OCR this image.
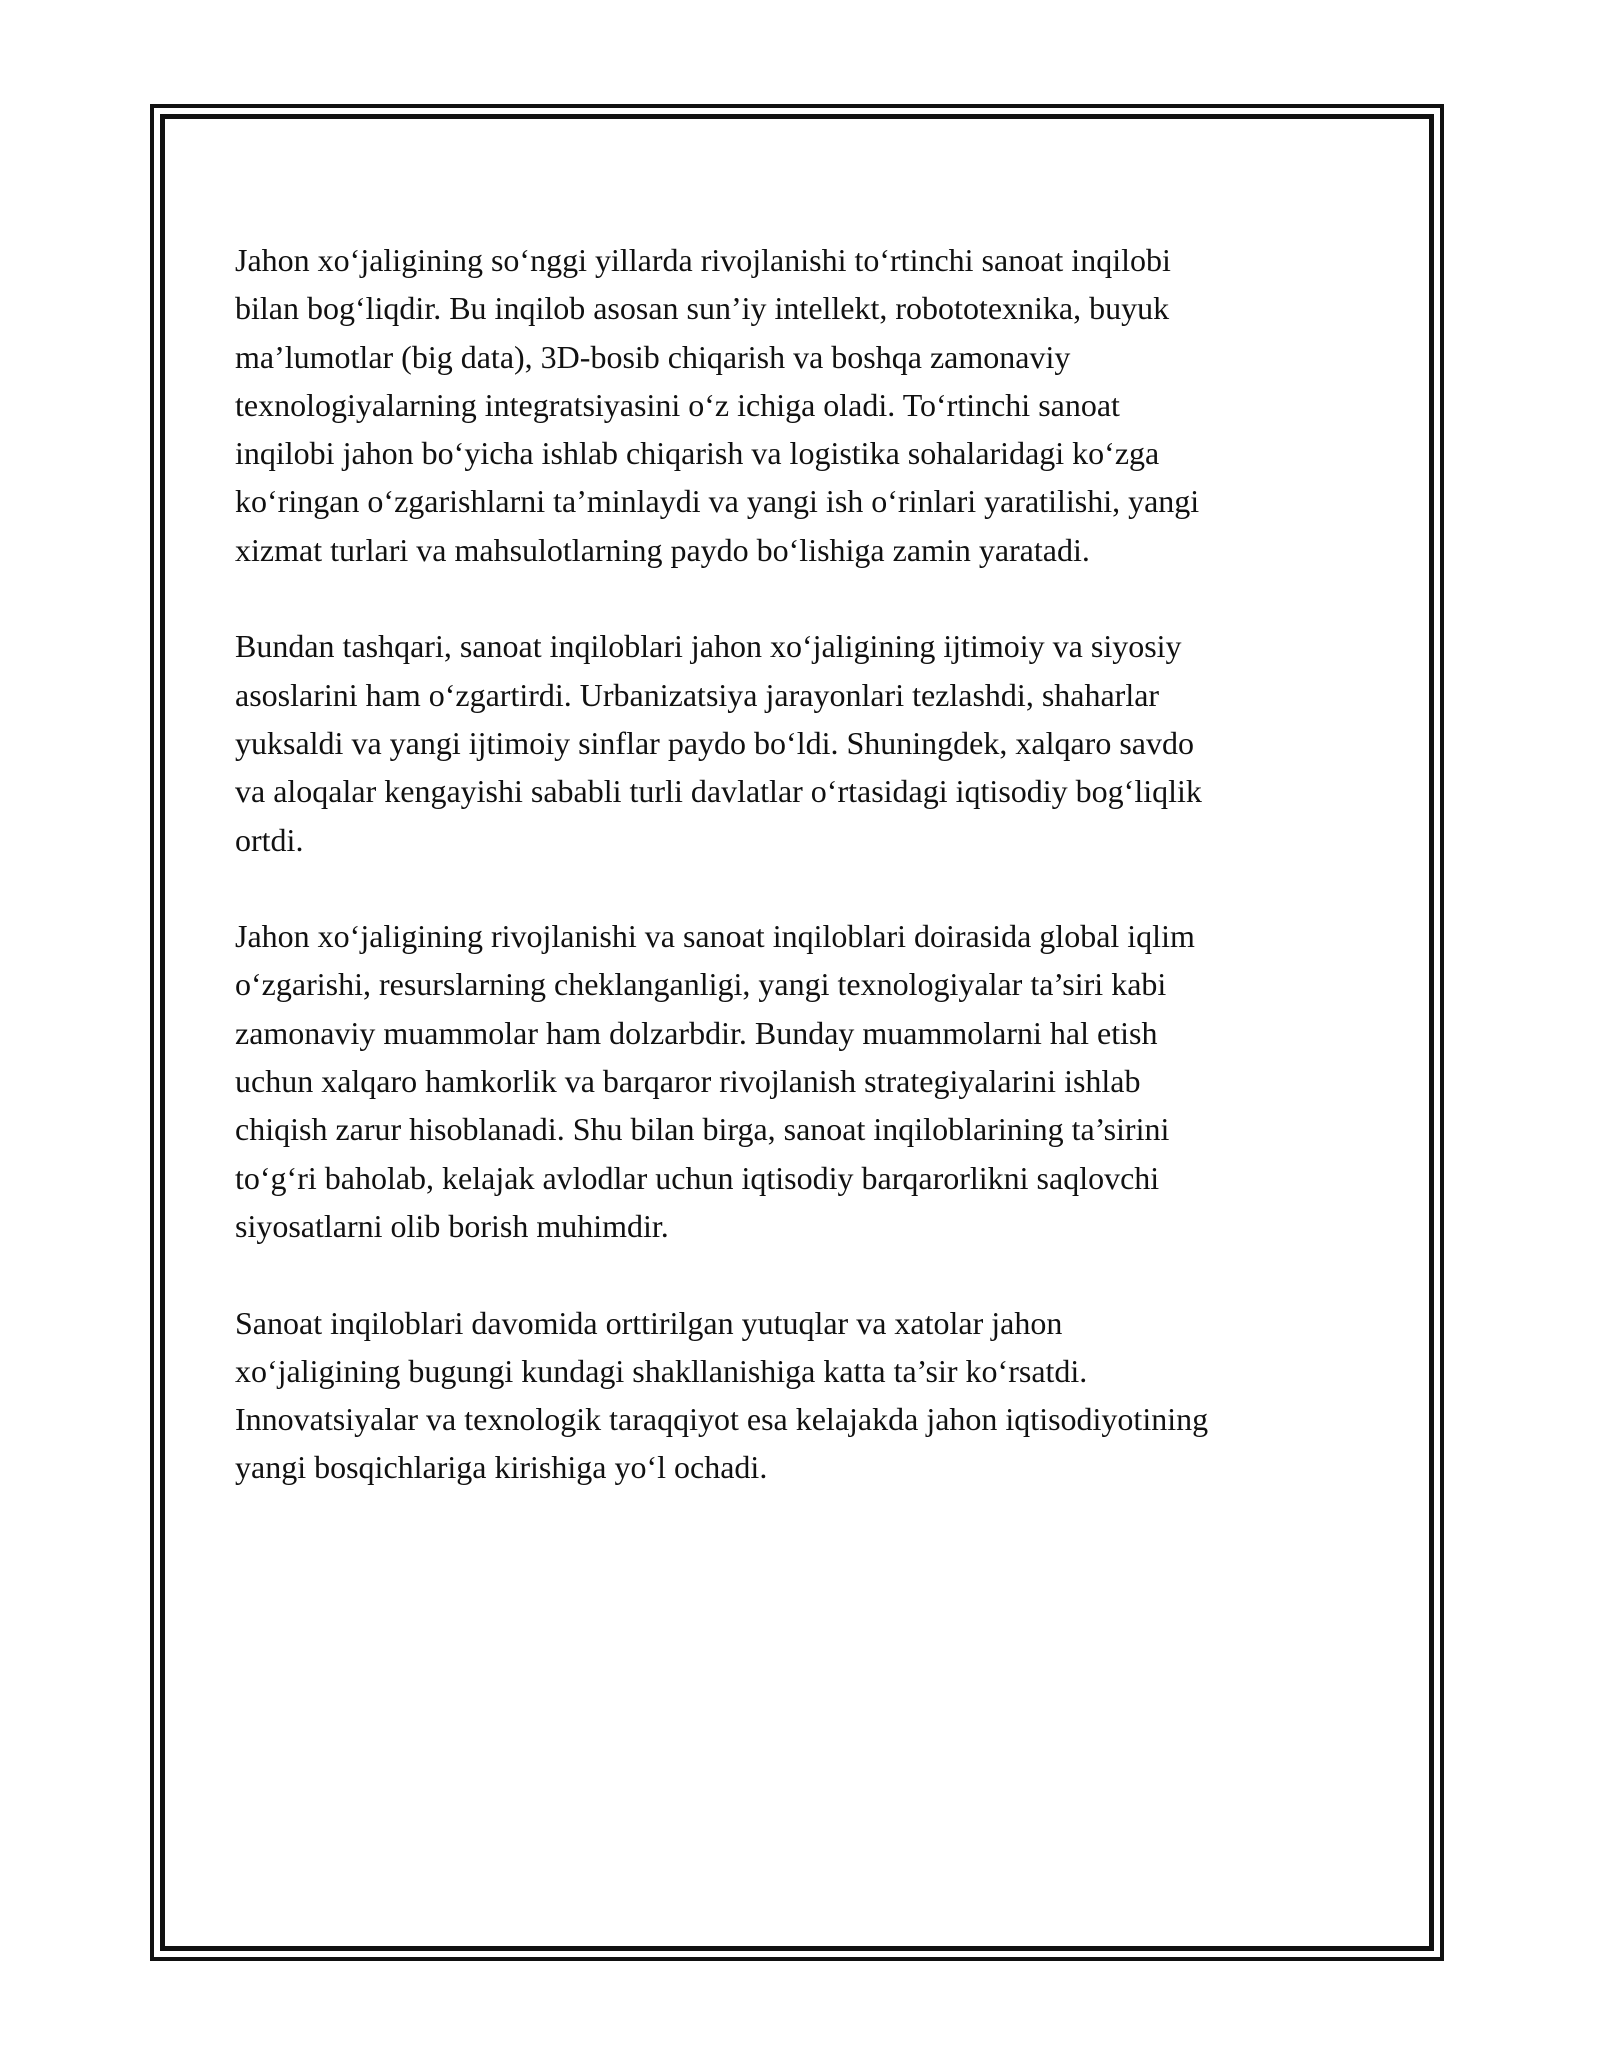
Jahon xo‘jaligining so‘nggi yillarda rivojlanishi to‘rtinchi sanoat inqilobi
bilan bog‘liqdir. Bu inqilob asosan sun’iy intellekt, robototexnika, buyuk
ma’lumotlar (big data), 3D-bosib chiqarish va boshqa zamonaviy
texnologiyalarning integratsiyasini o‘z ichiga oladi. To‘rtinchi sanoat
inqilobi jahon bo‘yicha ishlab chiqarish va logistika sohalaridagi ko‘zga
ko‘ringan o‘zgarishlarni ta’minlaydi va yangi ish o‘rinlari yaratilishi, yangi
xizmat turlari va mahsulotlarning paydo bo‘lishiga zamin yaratadi.

Bundan tashqari, sanoat inqiloblari jahon xo‘jaligining ijtimoiy va siyosiy
asoslarini ham o‘zgartirdi. Urbanizatsiya jarayonlari tezlashdi, shaharlar
yuksaldi va yangi ijtimoiy sinflar paydo bo‘ldi. Shuningdek, xalqaro savdo
va aloqalar kengayishi sababli turli davlatlar o‘rtasidagi iqtisodiy bog‘liqlik
ortdi.

Jahon xo‘jaligining rivojlanishi va sanoat inqiloblari doirasida global iqlim
o‘zgarishi, resurslarning cheklanganligi, yangi texnologiyalar ta’siri kabi
zamonaviy muammolar ham dolzarbdir. Bunday muammolarni hal etish
uchun xalqaro hamkorlik va barqaror rivojlanish strategiyalarini ishlab
chiqish zarur hisoblanadi. Shu bilan birga, sanoat inqiloblarining ta’sirini
to‘g‘ri baholab, kelajak avlodlar uchun iqtisodiy barqarorlikni saqlovchi
siyosatlarni olib borish muhimdir.

Sanoat inqiloblari davomida orttirilgan yutuqlar va xatolar jahon
xo‘jaligining bugungi kundagi shakllanishiga katta ta’sir ko‘rsatdi.
Innovatsiyalar va texnologik taraqqiyot esa kelajakda jahon iqtisodiyotining
yangi bosqichlariga kirishiga yo‘l ochadi.
